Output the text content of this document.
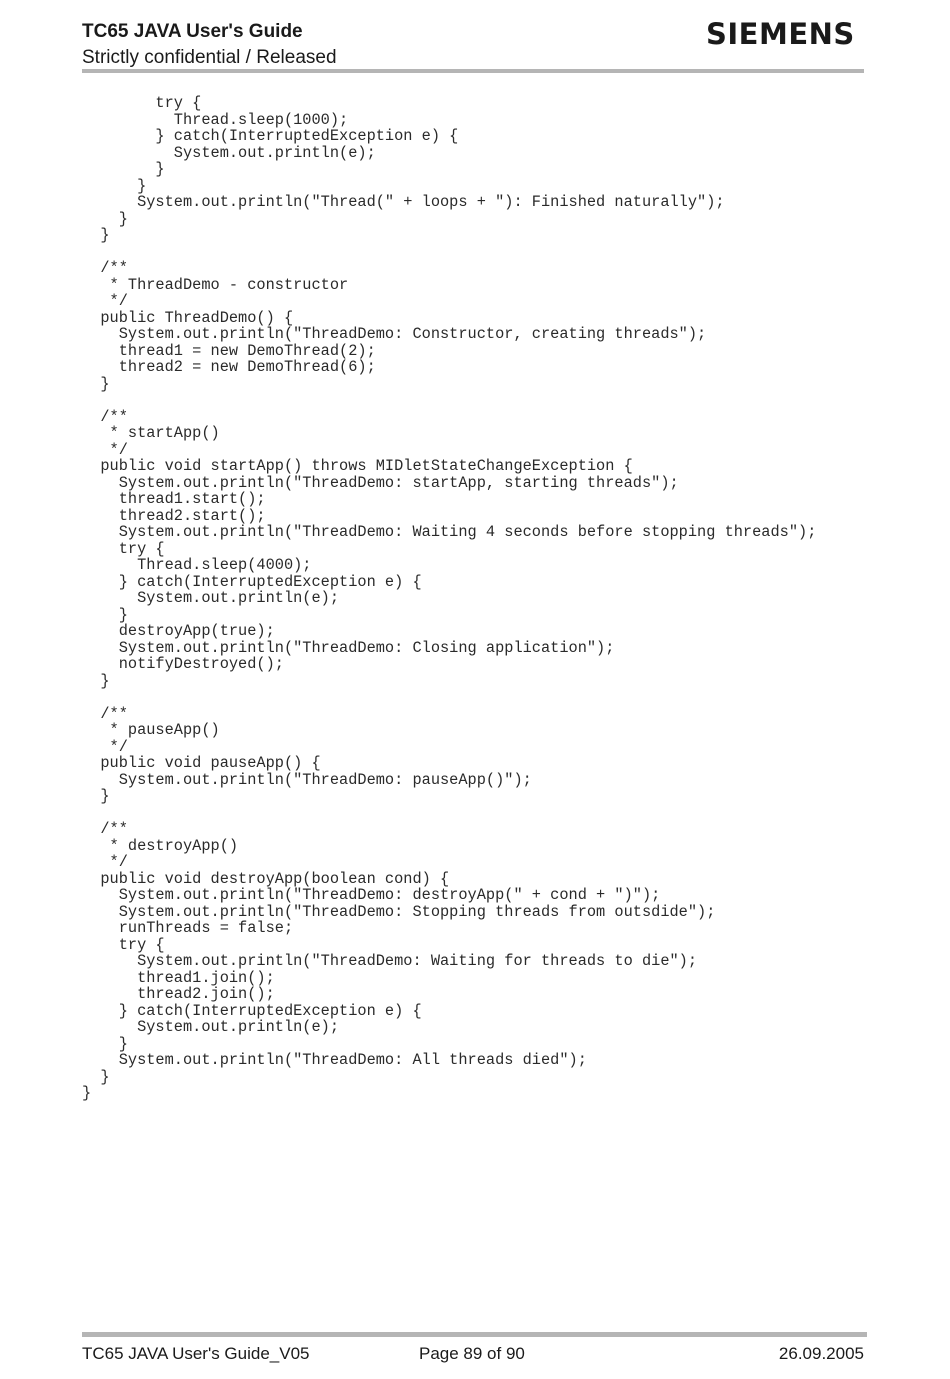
TC65 JAVA User's Guide
Strictly confidential / Released
SIEMENS
try {
Thread.sleep(1000);
} catch(InterruptedException e) {
System.out.println(e);
}
}
System.out.println("Thread(" + loops + "): Finished naturally");
}
}
/**
* ThreadDemo - constructor
*/
public ThreadDemo() {
System.out.println("ThreadDemo: Constructor, creating threads");
thread1 = new DemoThread(2);
thread2 = new DemoThread(6);
}
/**
* startApp()
*/
public void startApp() throws MIDletStateChangeException {
System.out.println("ThreadDemo: startApp, starting threads");
thread1.start();
thread2.start();
System.out.println("ThreadDemo: Waiting 4 seconds before stopping threads");
try {
Thread.sleep(4000);
} catch(InterruptedException e) {
System.out.println(e);
}
destroyApp(true);
System.out.println("ThreadDemo: Closing application");
notifyDestroyed();
}
/**
* pauseApp()
*/
public void pauseApp() {
System.out.println("ThreadDemo: pauseApp()");
}
/**
* destroyApp()
*/
public void destroyApp(boolean cond) {
System.out.println("ThreadDemo: destroyApp(" + cond + ")");
System.out.println("ThreadDemo: Stopping threads from outsdide");
runThreads = false;
try {
System.out.println("ThreadDemo: Waiting for threads to die");
thread1.join();
thread2.join();
} catch(InterruptedException e) {
System.out.println(e);
}
System.out.println("ThreadDemo: All threads died");
}
}
TC65 JAVA User's Guide_V05	Page 89 of 90	26.09.2005
